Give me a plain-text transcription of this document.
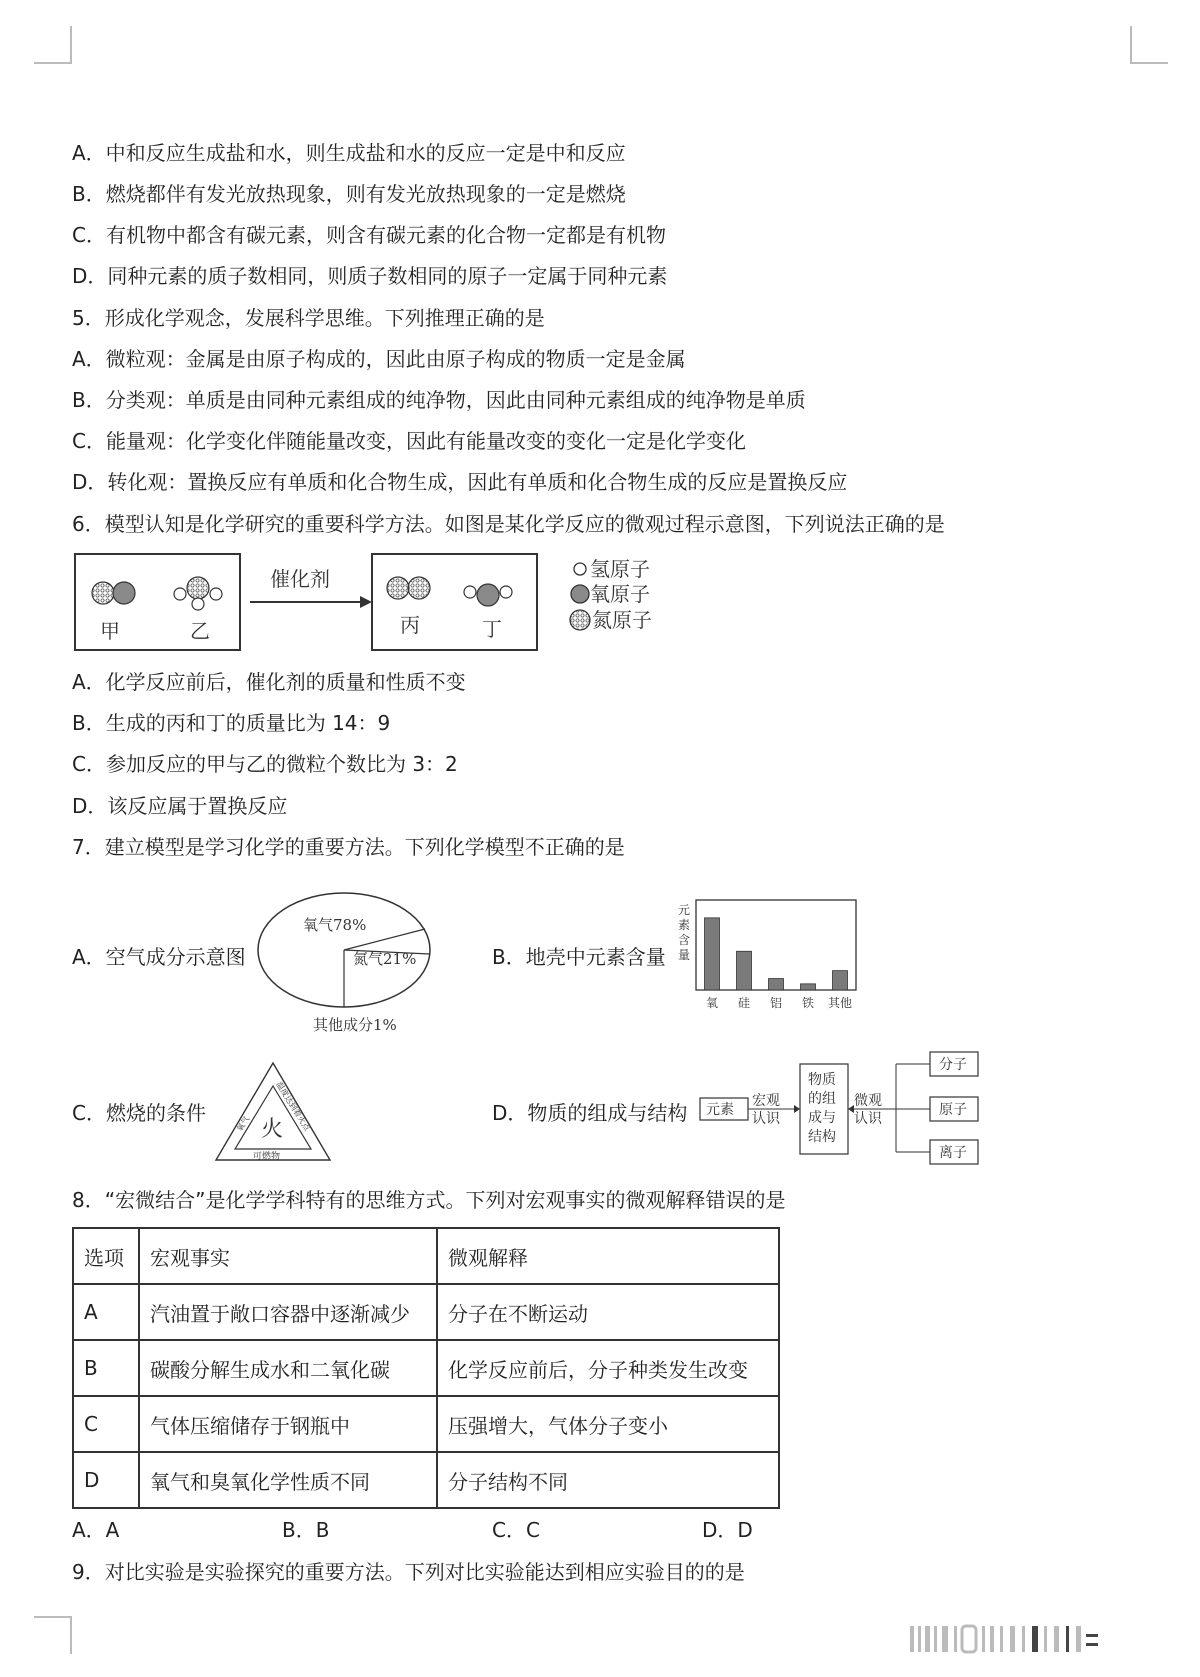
A．中和反应生成盐和水，则生成盐和水的反应一定是中和反应
B．燃烧都伴有发光放热现象，则有发光放热现象的一定是燃烧
C．有机物中都含有碳元素，则含有碳元素的化合物一定都是有机物
D．同种元素的质子数相同，则质子数相同的原子一定属于同种元素
5．形成化学观念，发展科学思维。下列推理正确的是
A．微粒观：金属是由原子构成的，因此由原子构成的物质一定是金属
B．分类观：单质是由同种元素组成的纯净物，因此由同种元素组成的纯净物是单质
C．能量观：化学变化伴随能量改变，因此有能量改变的变化一定是化学变化
D．转化观：置换反应有单质和化合物生成，因此有单质和化合物生成的反应是置换反应
6．模型认知是化学研究的重要科学方法。如图是某化学反应的微观过程示意图，下列说法正确的是
甲	乙
催化剂
丙	丁
氢原子
氧原子
氮原子
A．化学反应前后，催化剂的质量和性质不变
B．生成的丙和丁的质量比为 14：9
C．参加反应的甲与乙的微粒个数比为 3：2
D．该反应属于置换反应
7．建立模型是学习化学的重要方法。下列化学模型不正确的是
A．空气成分示意图
氧气78%
氮气21%
其他成分1%
B．地壳中元素含量
元
素
含
量
氧 硅 铝 铁 其他
C．燃烧的条件
火
可燃物
氧气	温度达到着火点	D．物质的组成与结构 元素
宏观
认识
物质
的组
成与
结构
微观
认识
分子
原子
离子
8．“宏微结合”是化学学科特有的思维方式。下列对宏观事实的微观解释错误的是
选项	宏观事实	微观解释
A	汽油置于敞口容器中逐渐减少	分子在不断运动
B	碳酸分解生成水和二氧化碳	化学反应前后，分子种类发生改变
C	气体压缩储存于钢瓶中	压强增大，气体分子变小
D	氧气和臭氧化学性质不同	分子结构不同
A．A	B．B	C．C	D．D
9．对比实验是实验探究的重要方法。下列对比实验能达到相应实验目的的是
